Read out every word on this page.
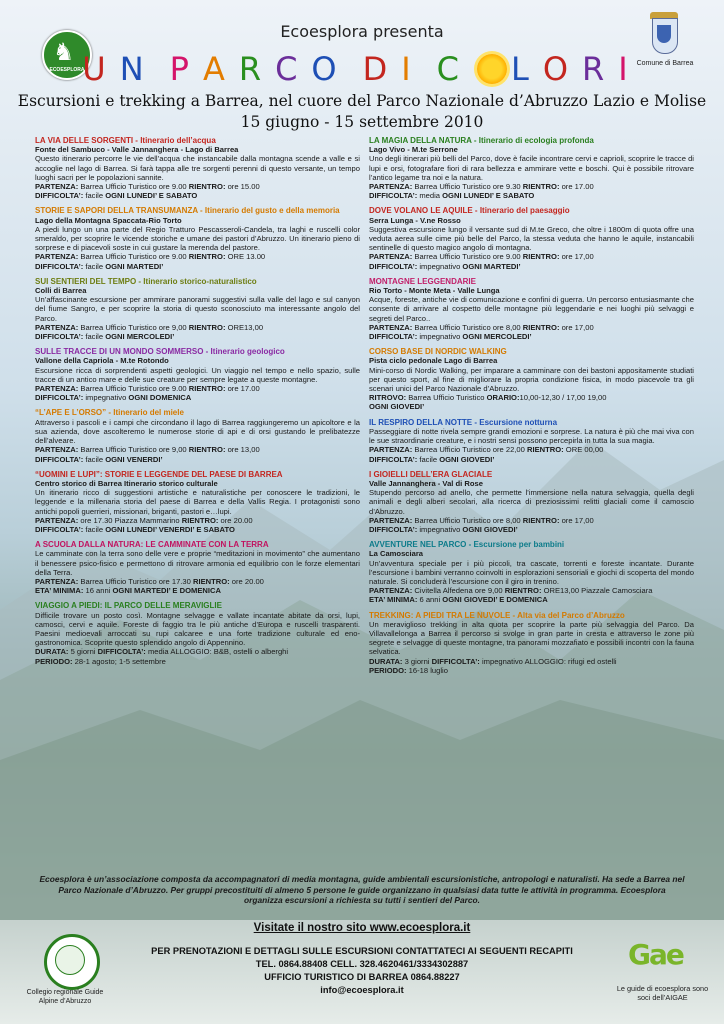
Ecoesplora presenta
♞
ECOESPLORA
Comune di Barrea
UN PARCO DI C LORI
Escursioni e trekking a Barrea, nel cuore del Parco Nazionale d’Abruzzo Lazio e Molise
15 giugno - 15 settembre 2010
LA VIA DELLE SORGENTI - Itinerario dell’acqua
Fonte del Sambuco - Valle Jannanghera - Lago di Barrea
Questo itinerario percorre le vie dell’acqua che instancabile dalla montagna scende a valle e si accoglie nel lago di Barrea. Si farà tappa alle tre sorgenti perenni di questo versante, un tempo luoghi sacri per le popolazioni sannite.
PARTENZA: Barrea Ufficio Turistico ore 9.00 RIENTRO: ore 15.00
DIFFICOLTA’: facile OGNI LUNEDI’ E SABATO
STORIE E SAPORI DELLA TRANSUMANZA - Itinerario del gusto e della memoria
Lago della Montagna Spaccata-Rio Torto
A piedi lungo un una parte del Regio Tratturo Pescasseroli-Candela, tra laghi e ruscelli color smeraldo, per scoprire le vicende storiche e umane dei pastori d’Abruzzo. Un itinerario pieno di sorprese e di piacevoli soste in cui gustare la merenda del pastore.
PARTENZA: Barrea Ufficio Turistico ore 9.00 RIENTRO: ORE 13.00
DIFFICOLTA’: facile OGNI MARTEDI’
SUI SENTIERI DEL TEMPO - Itinerario storico-naturalistico
Colli di Barrea
Un’affascinante escursione per ammirare panorami suggestivi sulla valle del lago e sul canyon del fiume Sangro, e per scoprire la storia di questo sconosciuto ma interessante angolo del Parco.
PARTENZA: Barrea Ufficio Turistico ore 9,00 RIENTRO: ORE13,00
DIFFICOLTA’: facile OGNI MERCOLEDI’
SULLE TRACCE DI UN MONDO SOMMERSO - Itinerario geologico
Vallone della Capriola - M.te Rotondo
Escursione ricca di sorprendenti aspetti geologici. Un viaggio nel tempo e nello spazio, sulle tracce di un antico mare e delle sue creature per sempre legate a queste montagne.
PARTENZA: Barrea Ufficio Turistico ore 9.00 RIENTRO: ore 17.00
DIFFICOLTA’: impegnativo OGNI DOMENICA
“L’APE E L’ORSO” - Itinerario del miele
Attraverso i pascoli e i campi che circondano il lago di Barrea raggiungeremo un apicoltore e la sua azienda, dove ascolteremo le numerose storie di api e di orsi gustando le prelibatezze dell’alveare.
PARTENZA: Barrea Ufficio Turistico ore 9,00 RIENTRO: ore 13,00
DIFFICOLTA’: facile OGNI VENERDI’
“UOMINI E LUPI”: STORIE E LEGGENDE DEL PAESE DI BARREA
Centro storico di Barrea Itinerario storico culturale
Un itinerario ricco di suggestioni artistiche e naturalistiche per conoscere le tradizioni, le leggende e la millenaria storia del paese di Barrea e della Vallis Regia. I protagonisti sono antichi popoli guerrieri, missionari, briganti, pastori e…lupi.
PARTENZA: ore 17.30 Piazza Mammarino RIENTRO: ore 20.00
DIFFICOLTA’: facile OGNI LUNEDI’ VENERDI’ E SABATO
A SCUOLA DALLA NATURA: LE CAMMINATE CON LA TERRA
Le camminate con la terra sono delle vere e proprie “meditazioni in movimento” che aumentano il benessere psico-fisico e permettono di ritrovare armonia ed equilibrio con le forze elementari della Terra.
PARTENZA: Barrea Ufficio Turistico ore 17.30 RIENTRO: ore 20.00
ETA’ MINIMA: 16 anni OGNI MARTEDI’ E DOMENICA
VIAGGIO A PIEDI: IL PARCO DELLE MERAVIGLIE
Difficile trovare un posto così. Montagne selvagge e vallate incantate abitate da orsi, lupi, camosci, cervi e aquile. Foreste di faggio tra le più antiche d’Europa e ruscelli trasparenti. Paesini medioevali arroccati su rupi calcaree e una forte tradizione culturale ed eno-gastronomica. Scoprite questo splendido angolo di Appennino.
DURATA: 5 giorni DIFFICOLTA’: media ALLOGGIO: B&B, ostelli o alberghi
PERIODO: 28-1 agosto; 1-5 settembre
LA MAGIA DELLA NATURA - Itinerario di ecologia profonda
Lago Vivo - M.te Serrone
Uno degli itinerari più belli del Parco, dove è facile incontrare cervi e caprioli, scoprire le tracce di lupi e orsi, fotografare fiori di rara bellezza e ammirare vette e boschi. Qui è possibile ritrovare l’antico legame tra noi e la natura.
PARTENZA: Barrea Ufficio Turistico ore 9.30 RIENTRO: ore 17.00
DIFFICOLTA’: media OGNI LUNEDI’ E SABATO
DOVE VOLANO LE AQUILE - Itinerario del paesaggio
Serra Lunga - V.ne Rosso
Suggestiva escursione lungo il versante sud di M.te Greco, che oltre i 1800m di quota offre una veduta aerea sulle cime più belle del Parco, la stessa veduta che hanno le aquile, instancabili sentinelle di questo magico angolo di montagna.
PARTENZA: Barrea Ufficio Turistico ore 9.00 RIENTRO: ore 17,00
DIFFICOLTA’: impegnativo OGNI MARTEDI’
MONTAGNE LEGGENDARIE
Rio Torto - Monte Meta - Valle Lunga
Acque, foreste, antiche vie di comunicazione e confini di guerra. Un percorso entusiasmante che consente di arrivare al cospetto delle montagne più leggendarie e nei luoghi più selvaggi e segreti del Parco..
PARTENZA: Barrea Ufficio Turistico ore 8,00 RIENTRO: ore 17,00
DIFFICOLTA’: impegnativo OGNI MERCOLEDI’
CORSO BASE DI NORDIC WALKING
Pista ciclo pedonale Lago di Barrea
Mini-corso di Nordic Walking, per imparare a camminare con dei bastoni appositamente studiati per questo sport, al fine di migliorare la propria condizione fisica, in modo piacevole tra gli scenari unici del Parco Nazionale d’Abruzzo.
RITROVO: Barrea Ufficio Turistico ORARIO:10,00-12,30 / 17,00 19,00
OGNI GIOVEDI’
IL RESPIRO DELLA NOTTE - Escursione notturna
Passeggiare di notte rivela sempre grandi emozioni e sorprese. La natura è più che mai viva con le sue straordinarie creature, e i nostri sensi possono percepirla in tutta la sua magia.
PARTENZA: Barrea Ufficio Turistico ore 22,00 RIENTRO: ORE 00,00
DIFFICOLTA’: facile OGNI GIOVEDI’
I GIOIELLI DELL’ERA GLACIALE
Valle Jannanghera - Val di Rose
Stupendo percorso ad anello, che permette l’immersione nella natura selvaggia, quella degli animali e degli alberi secolari, alla ricerca di preziosissimi relitti glaciali come il camoscio d’Abruzzo.
PARTENZA: Barrea Ufficio Turistico ore 8,00 RIENTRO: ore 17,00
DIFFICOLTA’: impegnativo OGNI GIOVEDI’
AVVENTURE NEL PARCO - Escursione per bambini
La Camosciara
Un’avventura speciale per i più piccoli, tra cascate, torrenti e foreste incantate. Durante l’escursione i bambini verranno coinvolti in esplorazioni sensoriali e giochi di scoperta del mondo naturale. Si concluderà l’escursione con il giro in trenino.
PARTENZA: Civitella Alfedena ore 9,00 RIENTRO: ORE13,00 Piazzale Camosciara
ETA’ MINIMA: 6 anni OGNI GIOVEDI’ E DOMENICA
TREKKING: A PIEDI TRA LE NUVOLE - Alta via del Parco d’Abruzzo
Un meraviglioso trekking in alta quota per scoprire la parte più selvaggia del Parco. Da Villavallelonga a Barrea il percorso si svolge in gran parte in cresta e attraverso le zone più segrete e selvagge di queste montagne, tra panorami mozzafiato e possibili incontri con la fauna selvatica.
DURATA: 3 giorni DIFFICOLTA’: impegnativo ALLOGGIO: rifugi ed ostelli
PERIODO: 16-18 luglio
Ecoesplora è un’associazione composta da accompagnatori di media montagna, guide ambientali escursionistiche, antropologi e naturalisti. Ha sede a Barrea nel Parco Nazionale d’Abruzzo. Per gruppi precostituiti di almeno 5 persone le guide organizzano in qualsiasi data tutte le attività in programma. Ecoesplora organizza escursioni a richiesta su tutti i sentieri del Parco.
Visitate il nostro sito www.ecoesplora.it
PER PRENOTAZIONI E DETTAGLI SULLE ESCURSIONI CONTATTATECI AI SEGUENTI RECAPITI
TEL. 0864.88408 CELL. 328.4620461/3334302887
UFFICIO TURISTICO DI BARREA 0864.88227
info@ecoesplora.it
Collegio regionale Guide Alpine d’Abruzzo
Gae
Le guide di ecoesplora sono soci dell’AIGAE
